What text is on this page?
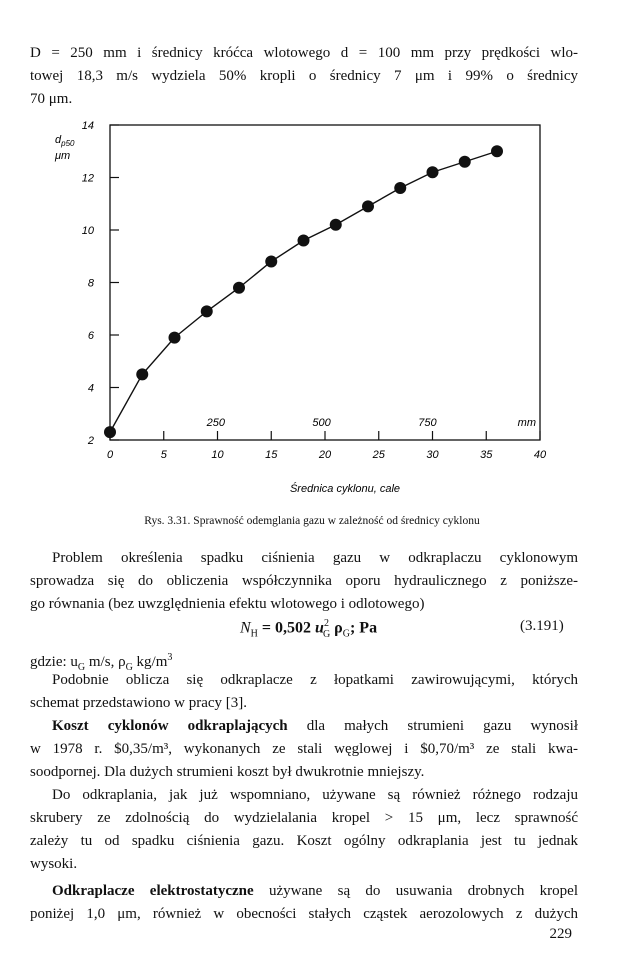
D = 250 mm i średnicy króćca wlotowego d = 100 mm przy prędkości wlo-

towej 18,3 m/s wydziela 50% kropli o średnicy 7 μm i 99% o średnicy

70 μm.

2
4
6
8
10
12
14
0	5	10	15	20	25	30	35	40
250	500	750	mm
$d_{p50}$
μm
Średnica cyklonu, cale
Rys. 3.31. Sprawność odemglania gazu w zależność od średnicy cyklonu

Problem określenia spadku ciśnienia gazu w odkraplaczu cyklonowym

sprowadza się do obliczenia współczynnika oporu hydraulicznego z poniższe-

go równania (bez uwzględnienia efektu wlotowego i odlotowego)

$N_H = 0,502$ $u^2_G$ $\rho_G$; Pa	(3.191)

gdzie: $u_G$ m/s, $\rho_G$ $kg/m^3$

Podobnie oblicza się odkraplacze z łopatkami zawirowującymi, których

schemat przedstawiono w pracy [3].

Koszt cyklonów odkraplających dla małych strumieni gazu wynosił

w 1978 r. $0,35/m³, wykonanych ze stali węglowej i $0,70/m³ ze stali kwa-

soodpornej. Dla dużych strumieni koszt był dwukrotnie mniejszy.

Do odkraplania, jak już wspomniano, używane są również różnego rodzaju

skrubery ze zdolnością do wydzielalania kropel > 15 μm, lecz sprawność

zależy tu od spadku ciśnienia gazu. Koszt ogólny odkraplania jest tu jednak

wysoki.

Odkraplacze elektrostatyczne używane są do usuwania drobnych kropel

poniżej 1,0 μm, również w obecności stałych cząstek aerozolowych z dużych

229
